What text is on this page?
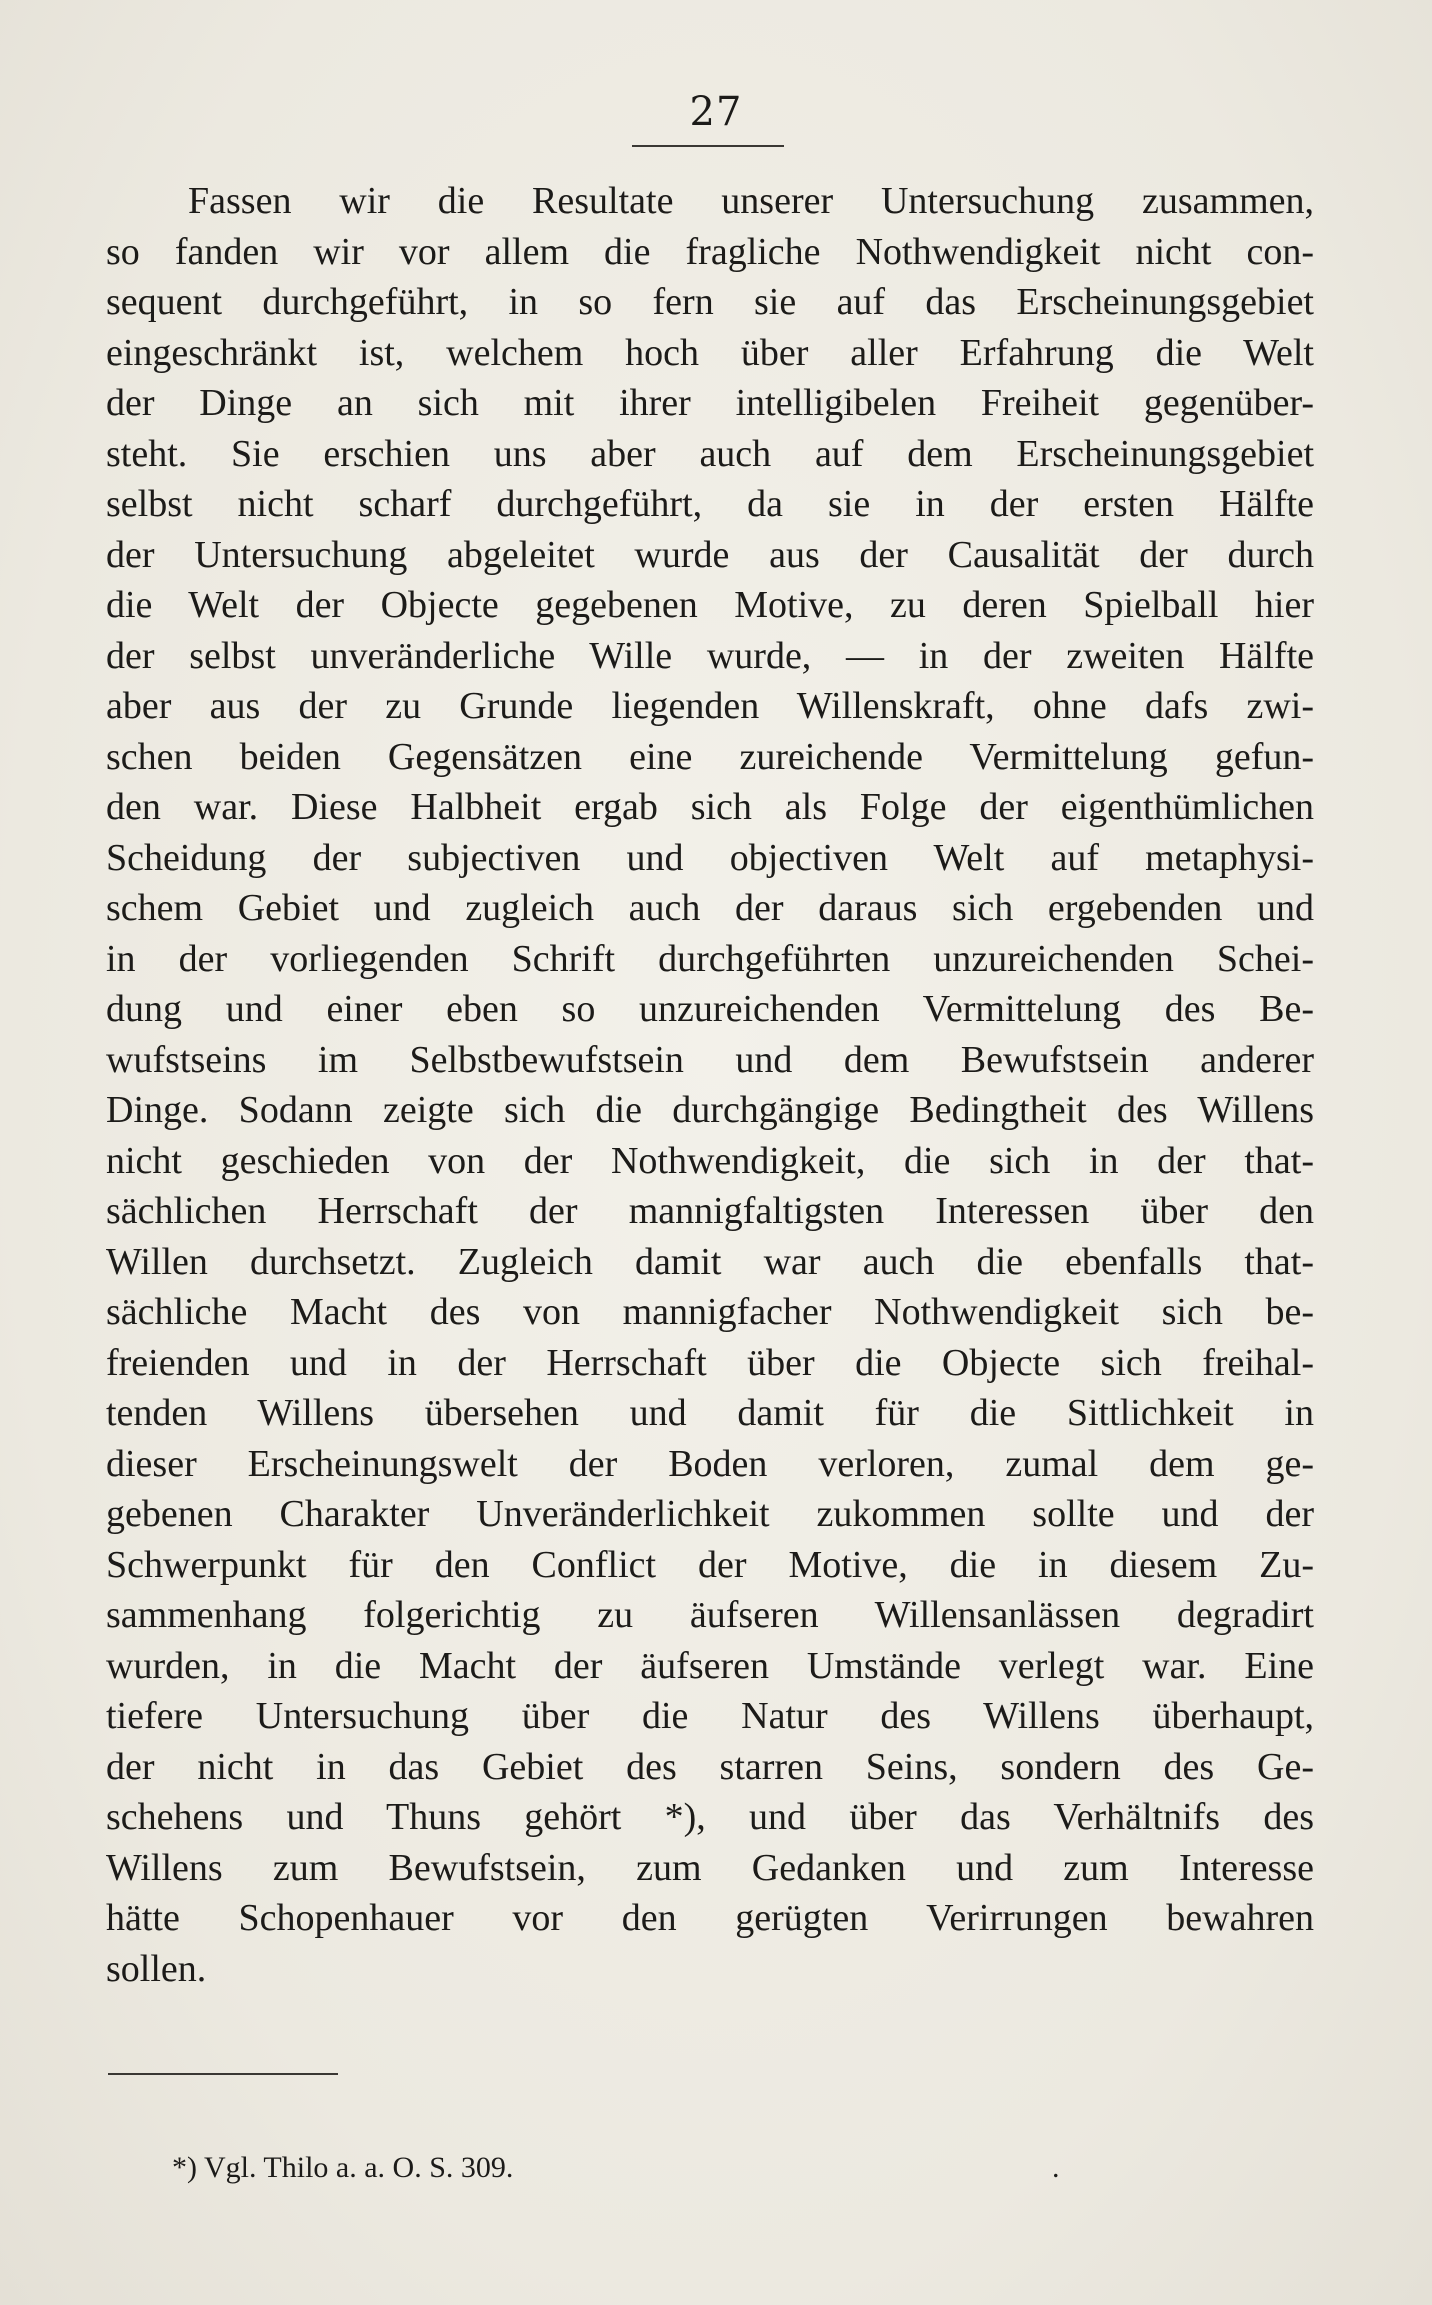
27
Fassen wir die Resultate unserer Untersuchung zusammen,
so fanden wir vor allem die fragliche Nothwendigkeit nicht con-
sequent durchgeführt, in so fern sie auf das Erscheinungsgebiet
eingeschränkt ist, welchem hoch über aller Erfahrung die Welt
der Dinge an sich mit ihrer intelligibelen Freiheit gegenüber-
steht. Sie erschien uns aber auch auf dem Erscheinungsgebiet
selbst nicht scharf durchgeführt, da sie in der ersten Hälfte
der Untersuchung abgeleitet wurde aus der Causalität der durch
die Welt der Objecte gegebenen Motive, zu deren Spielball hier
der selbst unveränderliche Wille wurde, — in der zweiten Hälfte
aber aus der zu Grunde liegenden Willenskraft, ohne dafs zwi-
schen beiden Gegensätzen eine zureichende Vermittelung gefun-
den war. Diese Halbheit ergab sich als Folge der eigenthümlichen
Scheidung der subjectiven und objectiven Welt auf metaphysi-
schem Gebiet und zugleich auch der daraus sich ergebenden und
in der vorliegenden Schrift durchgeführten unzureichenden Schei-
dung und einer eben so unzureichenden Vermittelung des Be-
wufstseins im Selbstbewufstsein und dem Bewufstsein anderer
Dinge. Sodann zeigte sich die durchgängige Bedingtheit des Willens
nicht geschieden von der Nothwendigkeit, die sich in der that-
sächlichen Herrschaft der mannigfaltigsten Interessen über den
Willen durchsetzt. Zugleich damit war auch die ebenfalls that-
sächliche Macht des von mannigfacher Nothwendigkeit sich be-
freienden und in der Herrschaft über die Objecte sich freihal-
tenden Willens übersehen und damit für die Sittlichkeit in
dieser Erscheinungswelt der Boden verloren, zumal dem ge-
gebenen Charakter Unveränderlichkeit zukommen sollte und der
Schwerpunkt für den Conflict der Motive, die in diesem Zu-
sammenhang folgerichtig zu äufseren Willensanlässen degradirt
wurden, in die Macht der äufseren Umstände verlegt war. Eine
tiefere Untersuchung über die Natur des Willens überhaupt,
der nicht in das Gebiet des starren Seins, sondern des Ge-
schehens und Thuns gehört *), und über das Verhältnifs des
Willens zum Bewufstsein, zum Gedanken und zum Interesse
hätte Schopenhauer vor den gerügten Verirrungen bewahren
sollen.
*) Vgl. Thilo a. a. O. S. 309.	.
